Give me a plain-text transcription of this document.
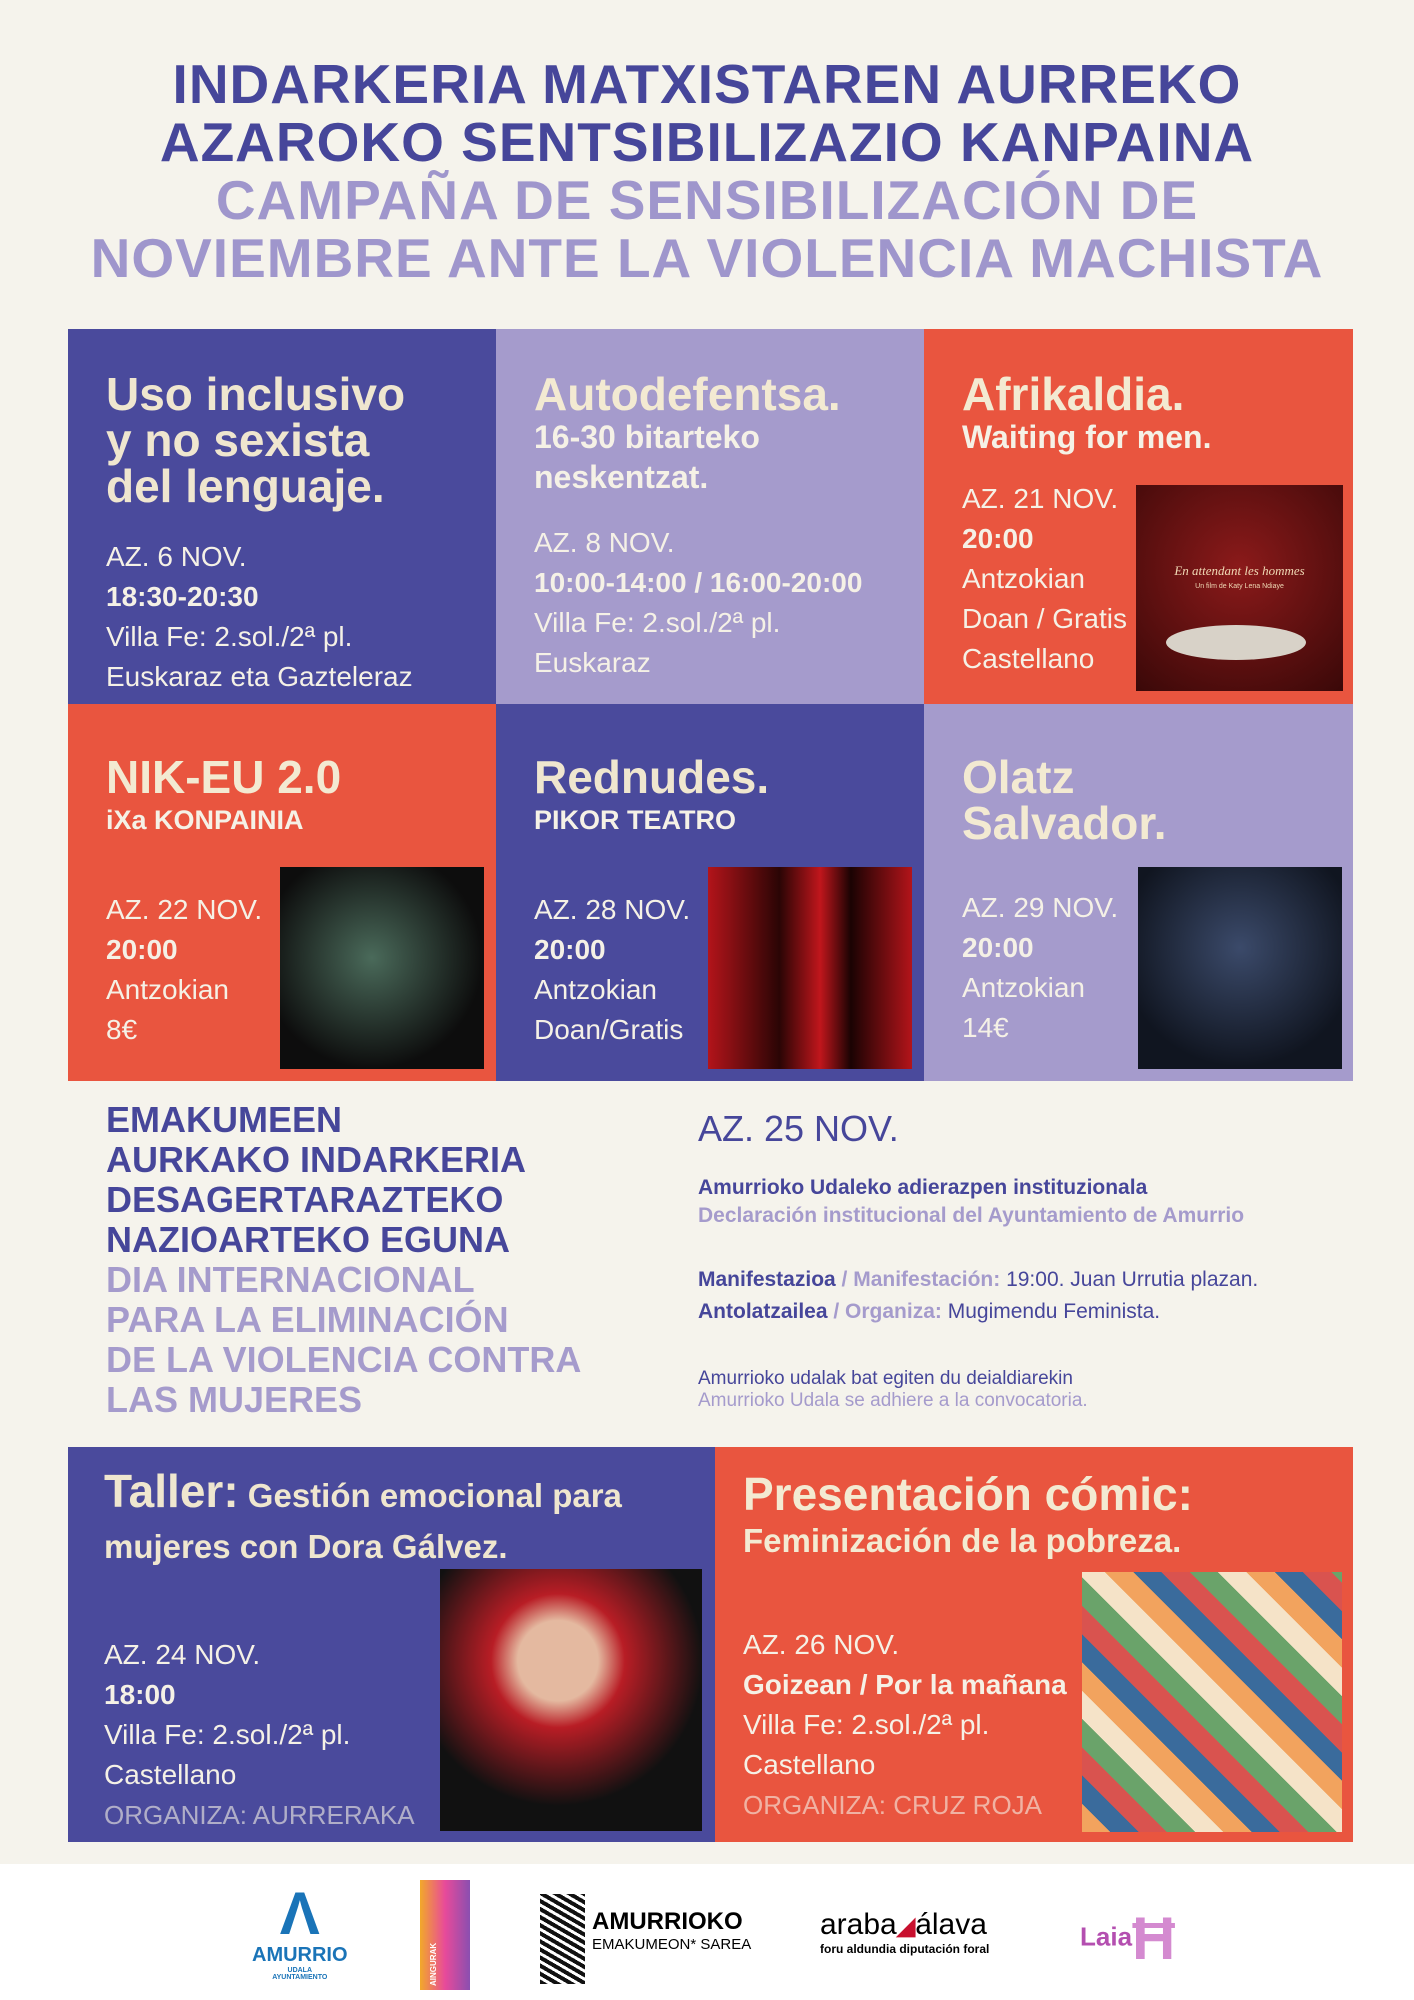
INDARKERIA MATXISTAREN AURREKO
AZAROKO SENTSIBILIZAZIO KANPAINA
CAMPAÑA DE SENSIBILIZACIÓN DE
NOVIEMBRE ANTE LA VIOLENCIA MACHISTA
Uso inclusivo
y no sexista
del lenguaje.
AZ. 6 NOV.
18:30-20:30
Villa Fe: 2.sol./2ª pl.
Euskaraz eta Gazteleraz
Autodefentsa.
16-30 bitarteko
neskentzat.
AZ. 8 NOV.
10:00-14:00 / 16:00-20:00
Villa Fe: 2.sol./2ª pl.
Euskaraz
Afrikaldia.
Waiting for men.
AZ. 21 NOV.
20:00
Antzokian
Doan / Gratis
Castellano
En attendant les hommes
Un film de Katy Lena Ndiaye
NIK-EU 2.0
iXa KONPAINIA
AZ. 22 NOV.
20:00
Antzokian
8€
Rednudes.
PIKOR TEATRO
AZ. 28 NOV.
20:00
Antzokian
Doan/Gratis
Olatz
Salvador.
AZ. 29 NOV.
20:00
Antzokian
14€
EMAKUMEEN
AURKAKO INDARKERIA
DESAGERTARAZTEKO
NAZIOARTEKO EGUNA
DIA INTERNACIONAL
PARA LA ELIMINACIÓN
DE LA VIOLENCIA CONTRA
LAS MUJERES
AZ. 25 NOV.
Amurrioko Udaleko adierazpen instituzionala
Declaración institucional del Ayuntamiento de Amurrio
Manifestazioa / Manifestación: 19:00. Juan Urrutia plazan.
Antolatzailea / Organiza: Mugimendu Feminista.
Amurrioko udalak bat egiten du deialdiarekin
Amurrioko Udala se adhiere a la convocatoria.
Taller: Gestión emocional para
mujeres con Dora Gálvez.
AZ. 24 NOV.
18:00
Villa Fe: 2.sol./2ª pl.
Castellano
ORGANIZA: AURRERAKA
Presentación cómic:
Feminización de la pobreza.
AZ. 26 NOV.
Goizean / Por la mañana
Villa Fe: 2.sol./2ª pl.
Castellano
ORGANIZA: CRUZ ROJA
Λ
AMURRIO
UDALA
AYUNTAMIENTO	AINGURAK
AMURRIOKO
EMAKUMEON* SAREA
araba◢álava
foru aldundia diputación foral	LaiaĦ
